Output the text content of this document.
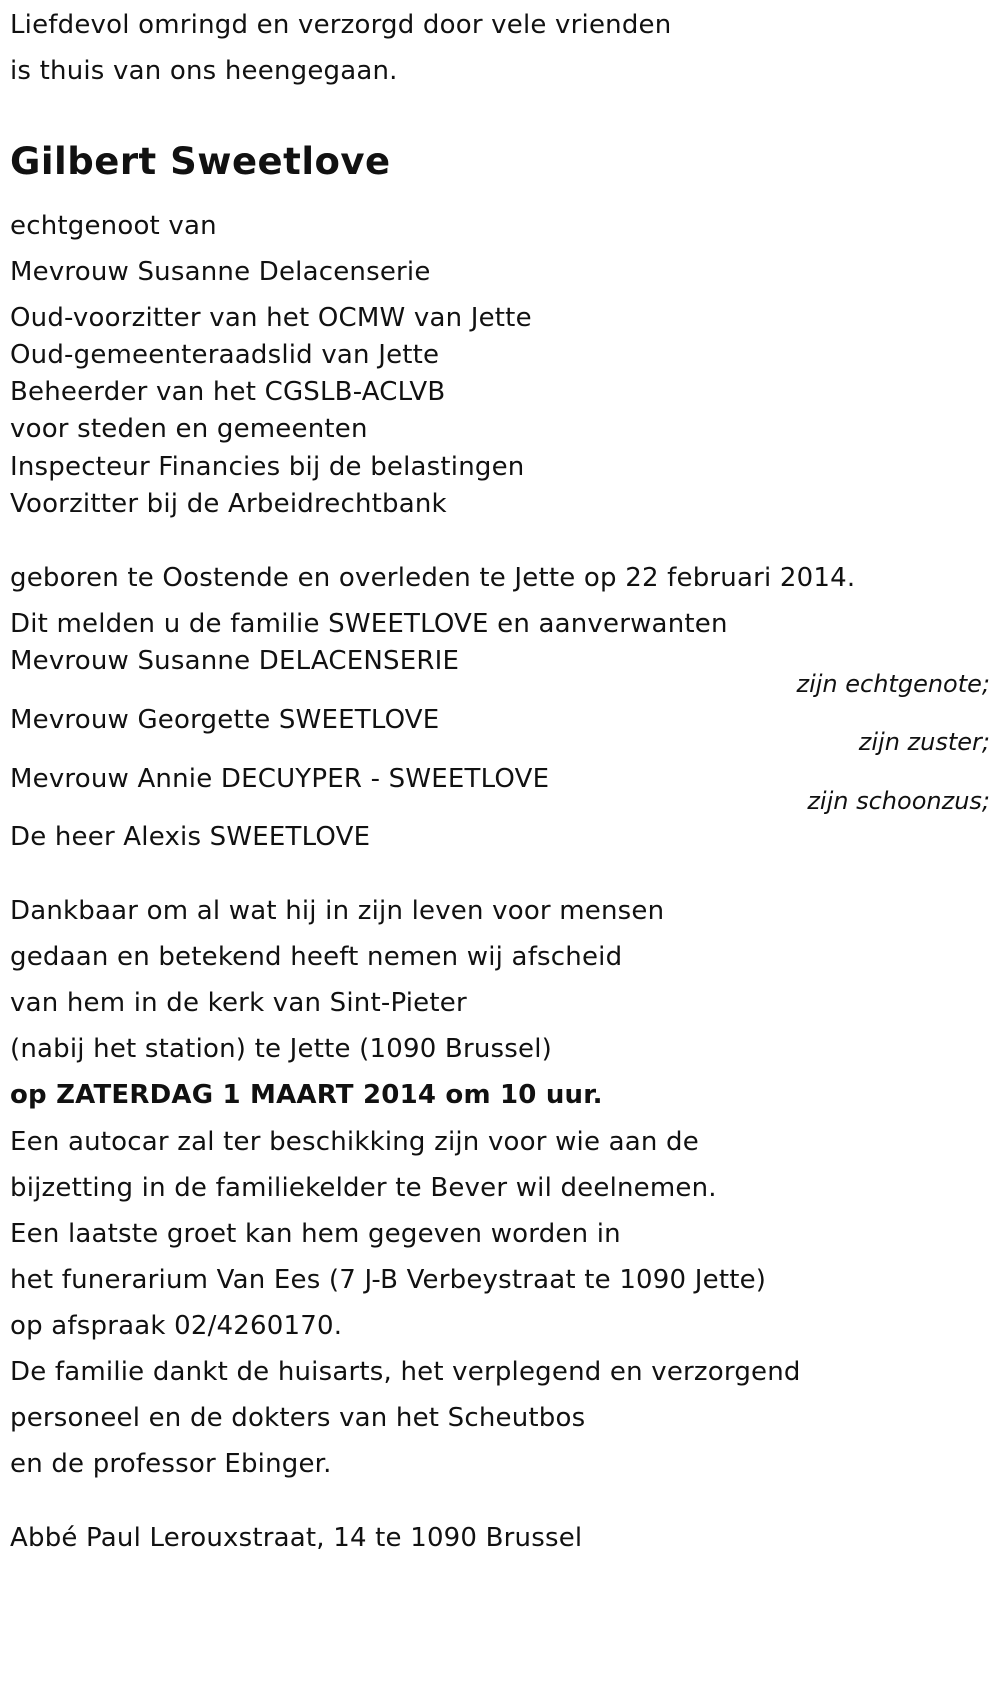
Liefdevol omringd en verzorgd door vele vrienden
is thuis van ons heengegaan.
Gilbert Sweetlove
echtgenoot van
Mevrouw Susanne Delacenserie
Oud-voorzitter van het OCMW van Jette
Oud-gemeenteraadslid van Jette
Beheerder van het CGSLB-ACLVB
voor steden en gemeenten
Inspecteur Financies bij de belastingen
Voorzitter bij de Arbeidrechtbank
geboren te Oostende en overleden te Jette op 22 februari 2014.
Dit melden u de familie SWEETLOVE en aanverwanten
Mevrouw Susanne DELACENSERIE
zijn echtgenote;
Mevrouw Georgette SWEETLOVE
zijn zuster;
Mevrouw Annie DECUYPER - SWEETLOVE
zijn schoonzus;
De heer Alexis SWEETLOVE
Dankbaar om al wat hij in zijn leven voor mensen
gedaan en betekend heeft nemen wij afscheid
van hem in de kerk van Sint-Pieter
(nabij het station) te Jette (1090 Brussel)
op ZATERDAG 1 MAART 2014 om 10 uur.
Een autocar zal ter beschikking zijn voor wie aan de
bijzetting in de familiekelder te Bever wil deelnemen.
Een laatste groet kan hem gegeven worden in
het funerarium Van Ees (7 J-B Verbeystraat te 1090 Jette)
op afspraak 02/4260170.
De familie dankt de huisarts, het verplegend en verzorgend
personeel en de dokters van het Scheutbos
en de professor Ebinger.
Abbé Paul Lerouxstraat, 14 te 1090 Brussel
